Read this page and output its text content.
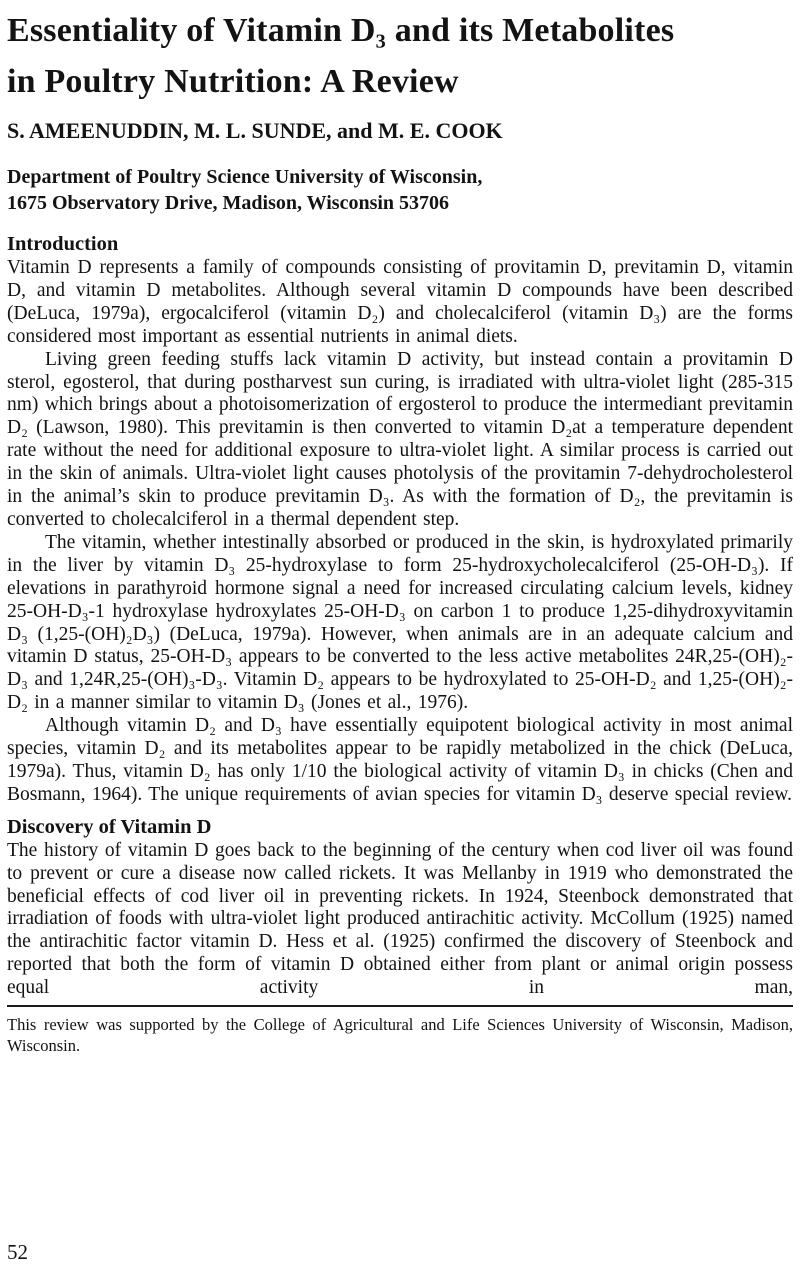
Essentiality of Vitamin D₃ and its Metabolites
in Poultry Nutrition: A Review
S. AMEENUDDIN, M. L. SUNDE, and M. E. COOK
Department of Poultry Science University of Wisconsin,
1675 Observatory Drive, Madison, Wisconsin 53706
Introduction

Vitamin D represents a family of compounds consisting of provitamin D, previtamin D, vitamin D, and vitamin D metabolites. Although several vitamin D compounds have been described (DeLuca, 1979a), ergocalciferol (vitamin D₂) and cholecalciferol (vitamin D₃) are the forms considered most important as essential nutrients in animal diets.

Living green feeding stuffs lack vitamin D activity, but instead contain a provitamin D sterol, egosterol, that during postharvest sun curing, is irradiated with ultra-violet light (285-315 nm) which brings about a photoisomerization of ergosterol to produce the intermediant previtamin D₂ (Lawson, 1980). This previtamin is then converted to vitamin D₂at a temperature dependent rate without the need for additional exposure to ultra-violet light. A similar process is carried out in the skin of animals. Ultra-violet light causes photolysis of the provitamin 7-dehydrocholesterol in the animal’s skin to produce previtamin D₃. As with the formation of D₂, the previtamin is converted to cholecalciferol in a thermal dependent step.

The vitamin, whether intestinally absorbed or produced in the skin, is hydroxylated primarily in the liver by vitamin D₃ 25-hydroxylase to form 25-hydroxycholecalciferol (25-OH-D₃). If elevations in parathyroid hormone signal a need for increased circulating calcium levels, kidney 25-OH-D₃-1 hydroxylase hydroxylates 25-OH-D₃ on carbon 1 to produce 1,25-dihydroxyvitamin D₃ (1,25-(OH)₂D₃) (DeLuca, 1979a). However, when animals are in an adequate calcium and vitamin D status, 25-OH-D₃ appears to be converted to the less active metabolites 24R,25-(OH)₂-D₃ and 1,24R,25-(OH)₃-D₃. Vitamin D₂ appears to be hydroxylated to 25-OH-D₂ and 1,25-(OH)₂-D₂ in a manner similar to vitamin D₃ (Jones et al., 1976).

Although vitamin D₂ and D₃ have essentially equipotent biological activity in most animal species, vitamin D₂ and its metabolites appear to be rapidly metabolized in the chick (DeLuca, 1979a). Thus, vitamin D₂ has only 1/10 the biological activity of vitamin D₃ in chicks (Chen and Bosmann, 1964). The unique requirements of avian species for vitamin D₃ deserve special review.

Discovery of Vitamin D

The history of vitamin D goes back to the beginning of the century when cod liver oil was found to prevent or cure a disease now called rickets. It was Mellanby in 1919 who demonstrated the beneficial effects of cod liver oil in preventing rickets. In 1924, Steenbock demonstrated that irradiation of foods with ultra-violet light produced antirachitic activity. McCollum (1925) named the antirachitic factor vitamin D. Hess et al. (1925) confirmed the discovery of Steenbock and reported that both the form of vitamin D obtained either from plant or animal origin possess equal activity in man,

This review was supported by the College of Agricultural and Life Sciences University of Wisconsin, Madison, Wisconsin.

52
